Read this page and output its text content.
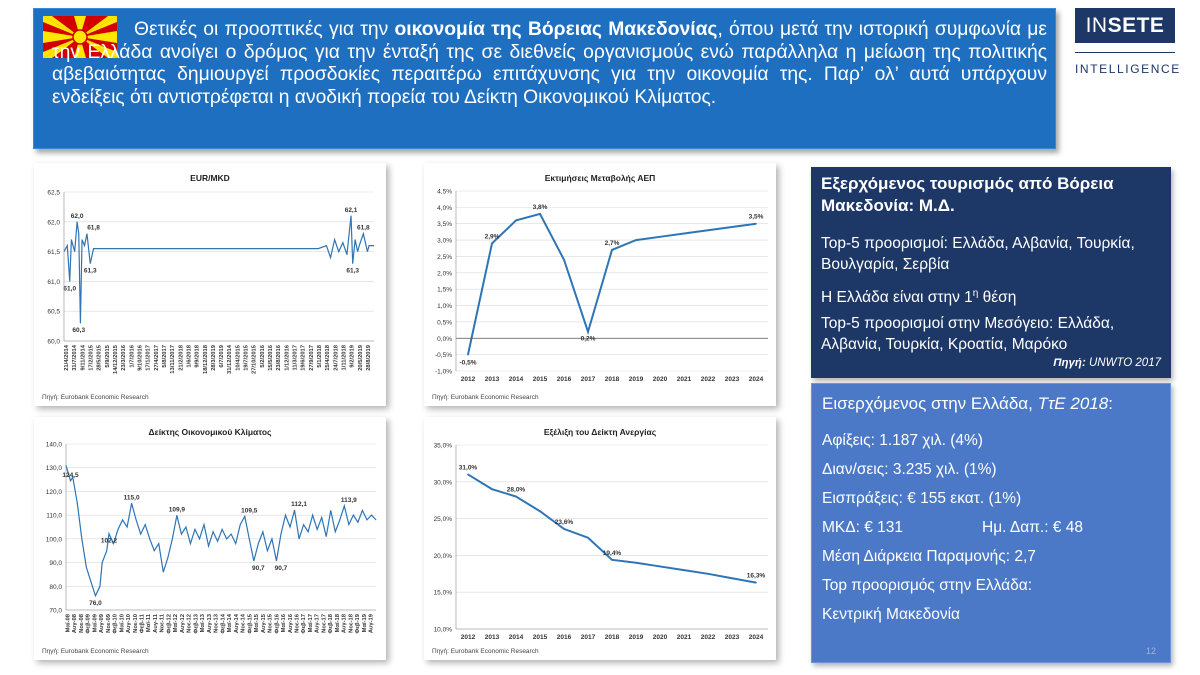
Θετικές οι προοπτικές για την οικονομία της Βόρειας Μακεδονίας, όπου μετά την ιστορική συμφωνία με την Ελλάδα ανοίγει ο δρόμος για την ένταξή της σε διεθνείς οργανισμούς ενώ παράλληλα η μείωση της πολιτικής αβεβαιότητας δημιουργεί προσδοκίες περαιτέρω επιτάχυνσης για την οικονομία της. Παρ’ ολ’ αυτά υπάρχουν ενδείξεις ότι αντιστρέφεται η ανοδική πορεία του Δείκτη Οικονομικού Κλίματος.
INSETE
INTELLIGENCE
EUR/MKD
60,0
60,5
61,0
61,5
62,0
62,5
21/4/2014 31/7/2014 9/11/2014 17/2/2015 28/5/2015 5/9/2015 14/12/2015 23/3/2016 1/7/2016 9/10/2016 17/1/2017 27/4/2017 5/8/2017 13/11/2017 21/2/2018 1/6/2018 9/9/2018 18/12/2018 28/3/2019 6/7/2019 31/12/2014 10/4/2015 19/7/2015 27/10/2015 5/2/2016 15/5/2016 23/8/2016 1/12/2016 11/3/2017 19/6/2017 27/9/2017 5/1/2018 15/4/2018 24/7/2018 1/11/2018 9/2/2019 20/5/2019 28/8/2019
61,0
62,0
60,3
61,8
61,3
62,1
61,3
61,8
Πηγή: Eurobank Economic Research
Εκτιμήσεις Μεταβολής ΑΕΠ
-1,0%
-0,5%
0,0%
0,5%
1,0%
1,5%
2,0%
2,5%
3,0%
3,5%
4,0%
4,5%
2012 2013 2014 2015 2016 2017 2018 2019 2020 2021 2022 2023 2024
-0,5%
2,9%
3,8%
0,2%
2,7%
3,5%
Πηγή: Eurobank Economic Research
Δείκτης Οικονομικού Κλίματος
70,0
80,0
90,0
100,0
110,0
120,0
130,0
140,0
Μαϊ-08 Αυγ-08 Νοε-08 Φεβ-09 Μαϊ-09 Αυγ-09 Νοε-09 Φεβ-10 Μαϊ-10 Αυγ-10 Νοε-10 Φεβ-11 Μαϊ-11 Αυγ-11 Νοε-11 Φεβ-12 Μαϊ-12 Αυγ-12 Νοε-12 Φεβ-13 Μαϊ-13 Αυγ-13 Νοε-13 Φεβ-14 Μαϊ-14 Αυγ-14 Νοε-14 Φεβ-15 Μαϊ-15 Αυγ-15 Νοε-15 Φεβ-16 Μαϊ-16 Αυγ-16 Νοε-16 Φεβ-17 Μαϊ-17 Αυγ-17 Νοε-17 Φεβ-18 Μαϊ-18 Αυγ-18 Νοε-18 Φεβ-19 Μαϊ-19 Αυγ-19
124,5
76,0
102,2
115,0
109,9	109,5
90,7 90,7
112,1
113,9
Πηγή: Eurobank Economic Research
Εξέλιξη του Δείκτη Ανεργίας
10,0%
15,0%
20,0%
25,0%
30,0%
35,0%
2012 2013 2014 2015 2016 2017 2018 2019 2020 2021 2022 2023 2024
31,0%
28,0%
23,6%
19,4%
16,3%
Πηγή: Eurobank Economic Research
Εξερχόμενος τουρισμός από Βόρεια Μακεδονία: Μ.Δ.
Top-5 προορισμοί: Ελλάδα, Αλβανία, Τουρκία, Βουλγαρία, Σερβία
Η Ελλάδα είναι στην $1^\eta$ θέση
Top-5 προορισμοί στην Μεσόγειο: Ελλάδα, Αλβανία, Τουρκία, Κροατία, Μαρόκο
Πηγή: UNWTO 2017
Εισερχόμενος στην Ελλάδα, ΤτΕ 2018:
Αφίξεις: 1.187 χιλ. (4%)
Διαν/σεις: 3.235 χιλ. (1%)
Εισπράξεις: € 155 εκατ. (1%)
ΜΚΔ: € 131	Ημ. Δαπ.: € 48
Μέση Διάρκεια Παραμονής: 2,7
Top προορισμός στην Ελλάδα:
Κεντρική Μακεδονία
12
